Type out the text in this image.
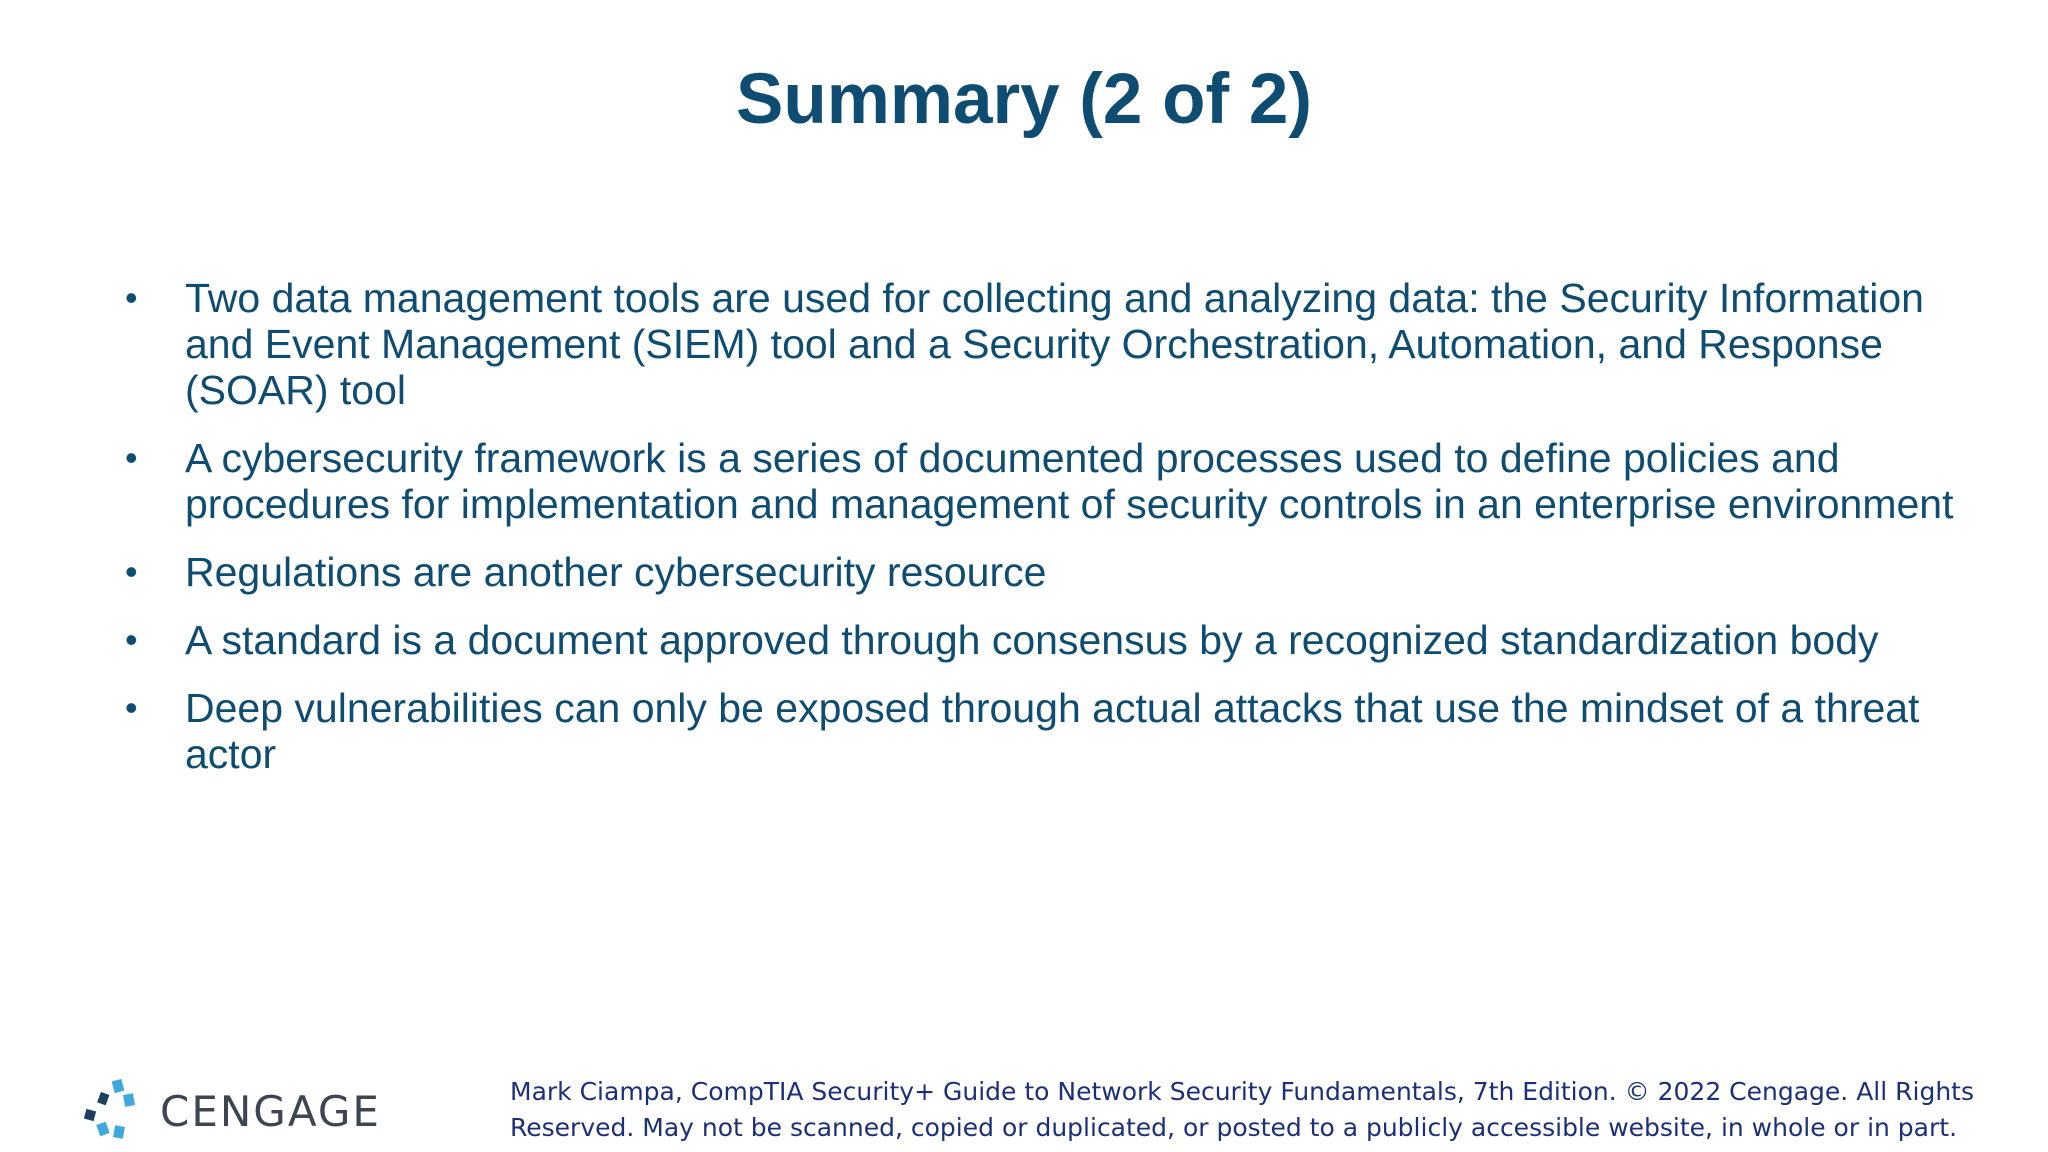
Summary (2 of 2)
• Two data management tools are used for collecting and analyzing data: the Security Information and Event Management (SIEM) tool and a Security Orchestration, Automation, and Response (SOAR) tool
• A cybersecurity framework is a series of documented processes used to define policies and procedures for implementation and management of security controls in an enterprise environment
• Regulations are another cybersecurity resource
• A standard is a document approved through consensus by a recognized standardization body
• Deep vulnerabilities can only be exposed through actual attacks that use the mindset of a threat actor
CENGAGE	Mark Ciampa, CompTIA Security+ Guide to Network Security Fundamentals, 7th Edition. © 2022 Cengage. All Rights
Reserved. May not be scanned, copied or duplicated, or posted to a publicly accessible website, in whole or in part.
